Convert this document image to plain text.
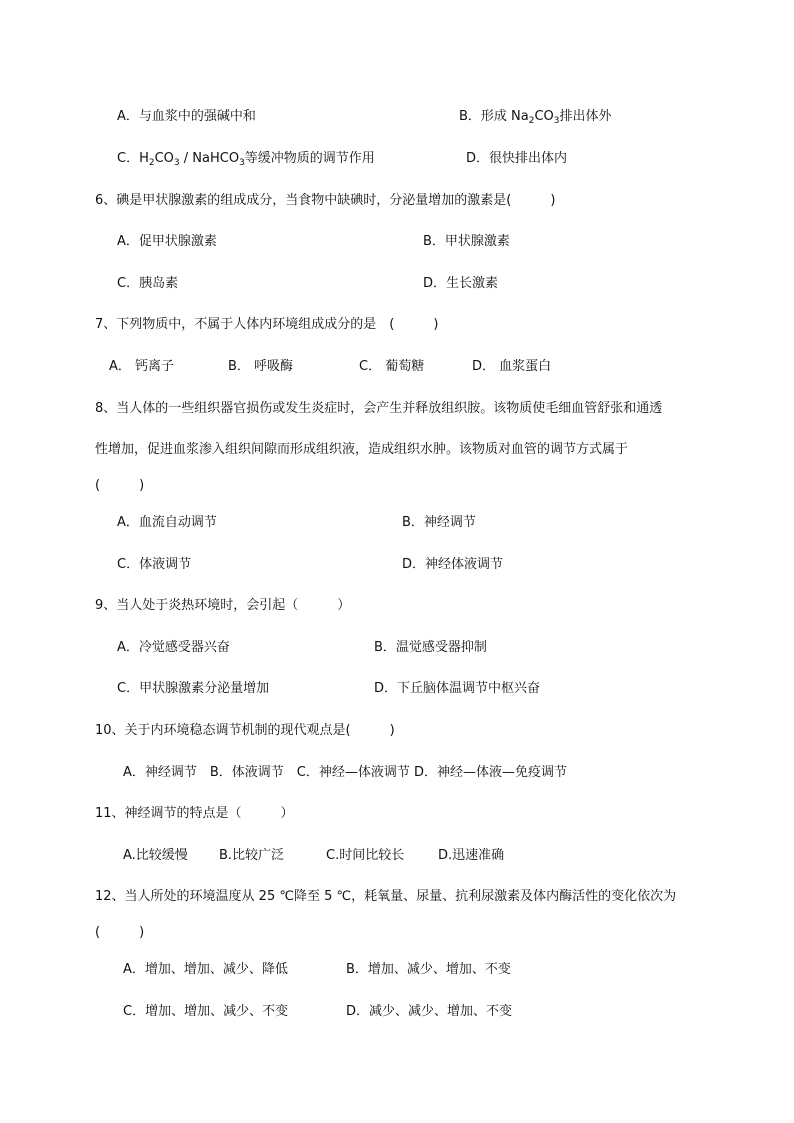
A．与血浆中的强碱中和	B．形成 $Na_2CO_3$排出体外
C．$H_2CO_3$ / NaHCO$_3$等缓冲物质的调节作用	D．很快排出体内
6、碘是甲状腺激素的组成成分，当食物中缺碘时，分泌量增加的激素是(　　　)
A．促甲状腺激素	B．甲状腺激素
C．胰岛素	D．生长激素
7、下列物质中，不属于人体内环境组成成分的是　(　　　)
A． 钙离子	B． 呼吸酶	C． 葡萄糖	D． 血浆蛋白
8、当人体的一些组织器官损伤或发生炎症时，会产生并释放组织胺。该物质使毛细血管舒张和通透
性增加，促进血浆渗入组织间隙而形成组织液，造成组织水肿。该物质对血管的调节方式属于
(　　　)
A．血流自动调节	B．神经调节
C．体液调节	D．神经体液调节
9、当人处于炎热环境时，会引起（　　　）
A．冷觉感受器兴奋	B．温觉感受器抑制
C．甲状腺激素分泌量增加	D．下丘脑体温调节中枢兴奋
10、关于内环境稳态调节机制的现代观点是(　　　)
A．神经调节　B．体液调节　C．神经—体液调节 D．神经—体液—免疫调节
11、神经调节的特点是（　　　）
A.比较缓慢 B.比较广泛	C.时间比较长	D.迅速准确
12、当人所处的环境温度从 25 ℃降至 5 ℃，耗氧量、尿量、抗利尿激素及体内酶活性的变化依次为
(　　　)
A．增加、增加、减少、降低	B．增加、减少、增加、不变
C．增加、增加、减少、不变	D．减少、减少、增加、不变
